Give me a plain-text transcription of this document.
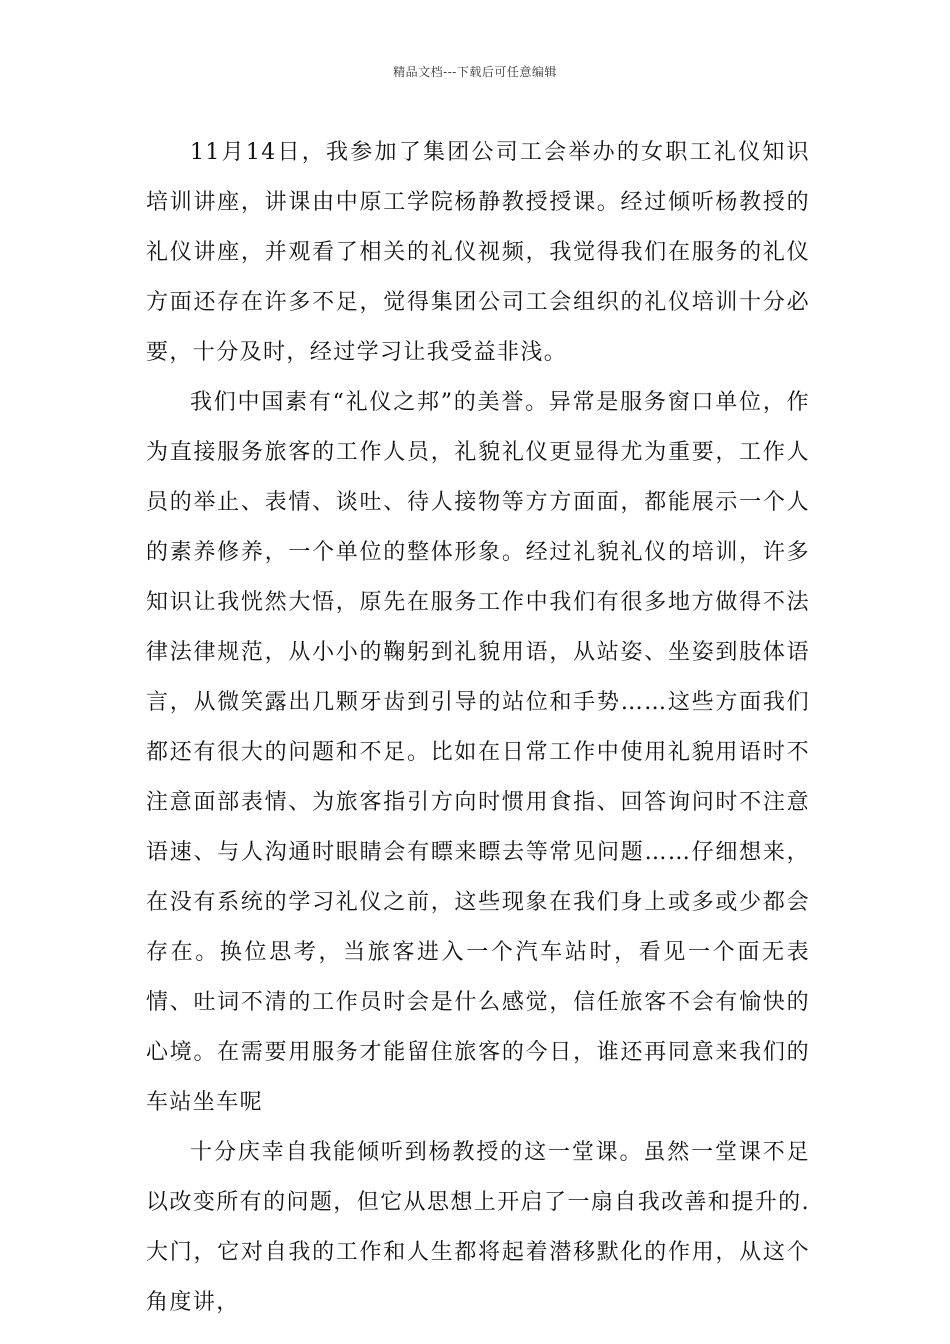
精品文档---下载后可任意编辑

11月14日，我参加了集团公司工会举办的女职工礼仪知识培训讲座，讲课由中原工学院杨静教授授课。经过倾听杨教授的礼仪讲座，并观看了相关的礼仪视频，我觉得我们在服务的礼仪方面还存在许多不足，觉得集团公司工会组织的礼仪培训十分必要，十分及时，经过学习让我受益非浅。

我们中国素有“礼仪之邦”的美誉。异常是服务窗口单位，作为直接服务旅客的工作人员，礼貌礼仪更显得尤为重要，工作人员的举止、表情、谈吐、待人接物等方方面面，都能展示一个人的素养修养，一个单位的整体形象。经过礼貌礼仪的培训，许多知识让我恍然大悟，原先在服务工作中我们有很多地方做得不法律法律规范，从小小的鞠躬到礼貌用语，从站姿、坐姿到肢体语言，从微笑露出几颗牙齿到引导的站位和手势……这些方面我们都还有很大的问题和不足。比如在日常工作中使用礼貌用语时不注意面部表情、为旅客指引方向时惯用食指、回答询问时不注意语速、与人沟通时眼睛会有瞟来瞟去等常见问题……仔细想来，在没有系统的学习礼仪之前，这些现象在我们身上或多或少都会存在。换位思考，当旅客进入一个汽车站时，看见一个面无表情、吐词不清的工作员时会是什么感觉，信任旅客不会有愉快的心境。在需要用服务才能留住旅客的今日，谁还再同意来我们的车站坐车呢

十分庆幸自我能倾听到杨教授的这一堂课。虽然一堂课不足以改变所有的问题，但它从思想上开启了一扇自我改善和提升的.大门，它对自我的工作和人生都将起着潜移默化的作用，从这个角度讲，
